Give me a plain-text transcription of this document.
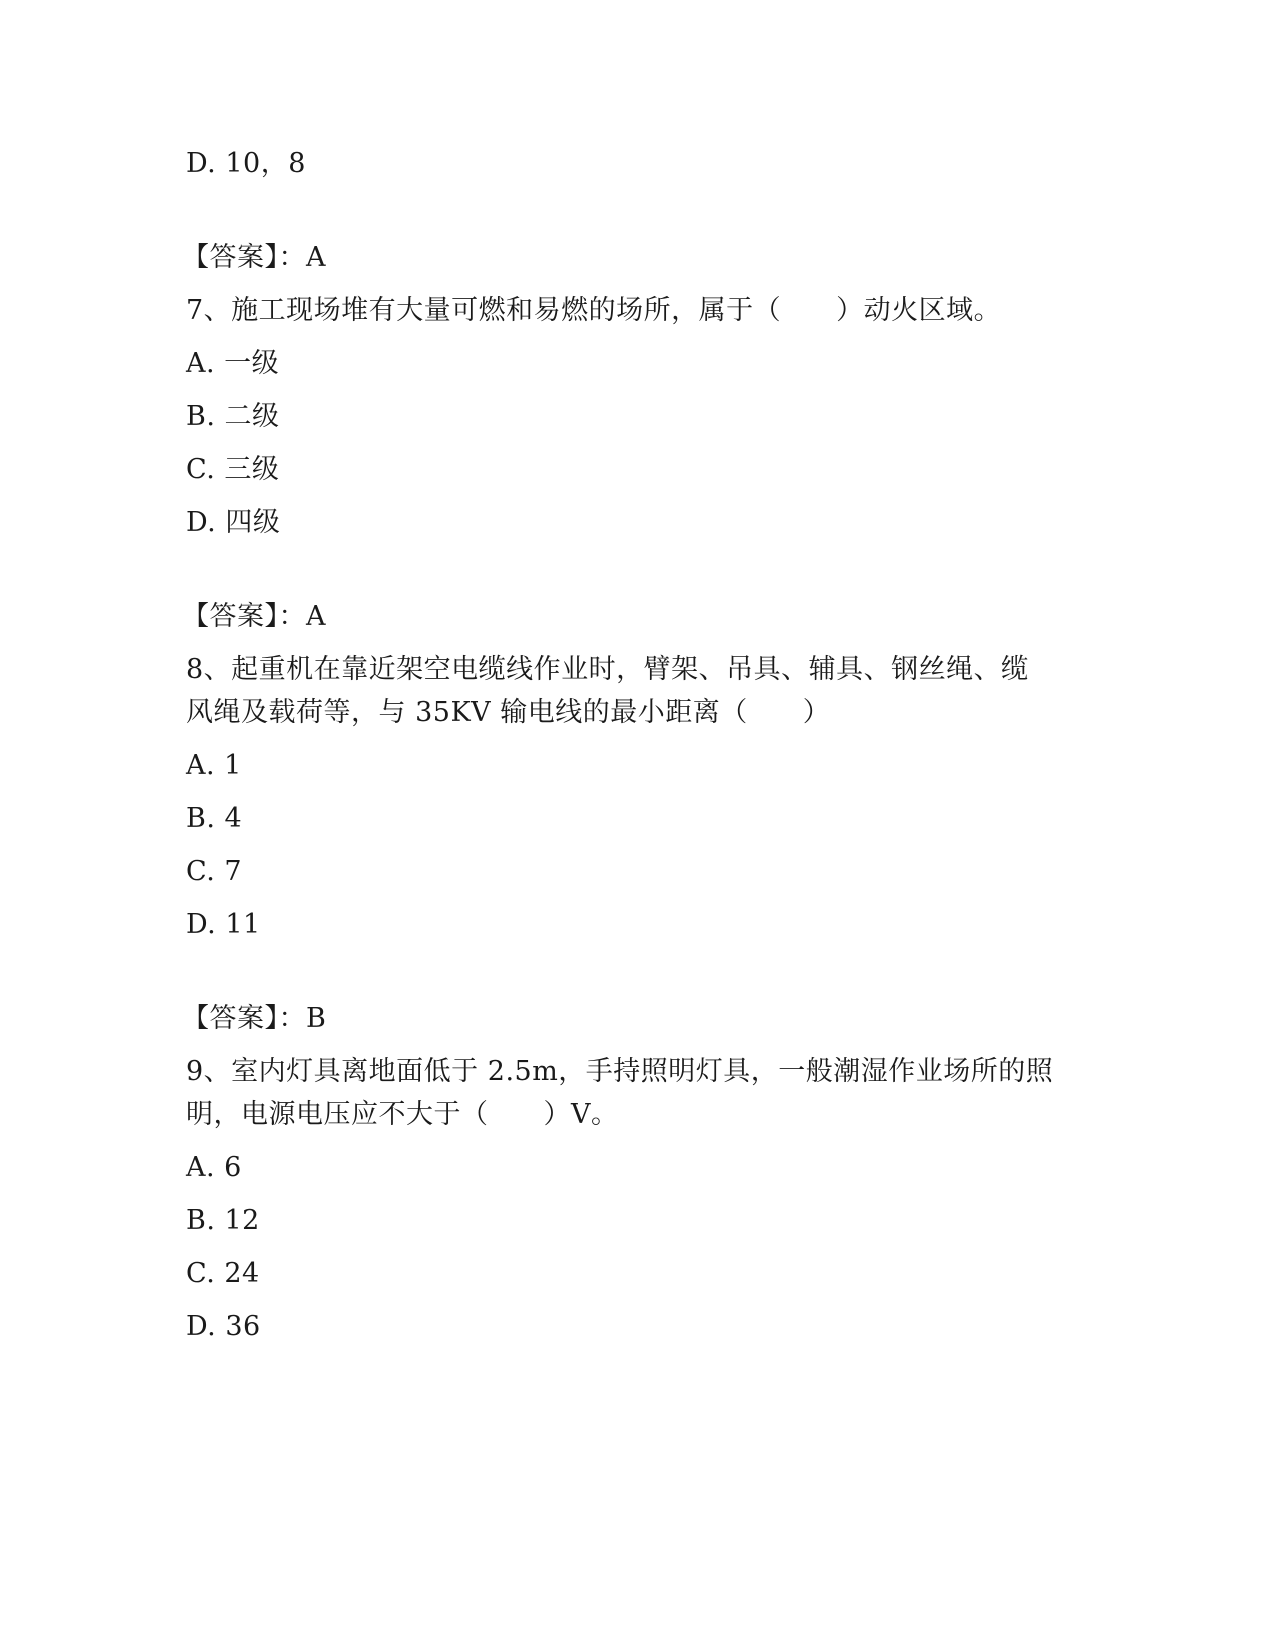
D. 10，8
【答案】：A
7、施工现场堆有大量可燃和易燃的场所，属于（　　）动火区域。
A. 一级
B. 二级
C. 三级
D. 四级
【答案】：A
8、起重机在靠近架空电缆线作业时，臂架、吊具、辅具、钢丝绳、缆
风绳及载荷等，与 35KV 输电线的最小距离（　　）
A. 1
B. 4
C. 7
D. 11
【答案】：B
9、室内灯具离地面低于 2.5m，手持照明灯具，一般潮湿作业场所的照
明，电源电压应不大于（　　）V。
A. 6
B. 12
C. 24
D. 36
